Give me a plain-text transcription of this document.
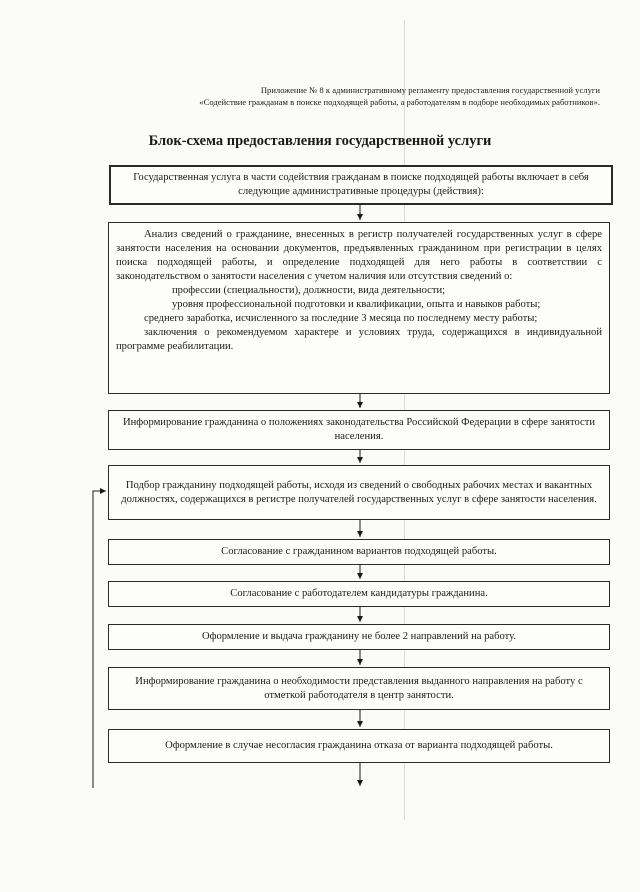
Приложение № 8 к административному регламенту предоставления государственной услуги
«Содействие гражданам в поиске подходящей работы, а работодателям в подборе необходимых работников».
Блок-схема предоставления государственной услуги
Государственная услуга в части содействия гражданам в поиске подходящей работы включает в себя следующие административные процедуры (действия):

Анализ сведений о гражданине, внесенных в регистр получателей государственных услуг в сфере занятости населения на основании документов, предъявленных гражданином при регистрации в целях поиска подходящей работы, и определение подходящей для него работы в соответствии с законодательством о занятости населения с учетом наличия или отсутствия сведений о:

профессии (специальности), должности, вида деятельности;

уровня профессиональной подготовки и квалификации, опыта и навыков работы;

среднего заработка, исчисленного за последние 3 месяца по последнему месту работы;

заключения о рекомендуемом характере и условиях труда, содержащихся в индивидуальной программе реабилитации.

Информирование гражданина о положениях законодательства Российской Федерации в сфере занятости населения.
Подбор гражданину подходящей работы, исходя из сведений о свободных рабочих местах и вакантных должностях, содержащихся в регистре получателей государственных услуг в сфере занятости населения.
Согласование с гражданином вариантов подходящей работы.
Согласование с работодателем кандидатуры гражданина.
Оформление и выдача гражданину не более 2 направлений на работу.
Информирование гражданина о необходимости представления выданного направления на работу с отметкой работодателя в центр занятости.
Оформление в случае несогласия гражданина отказа от варианта подходящей работы.
